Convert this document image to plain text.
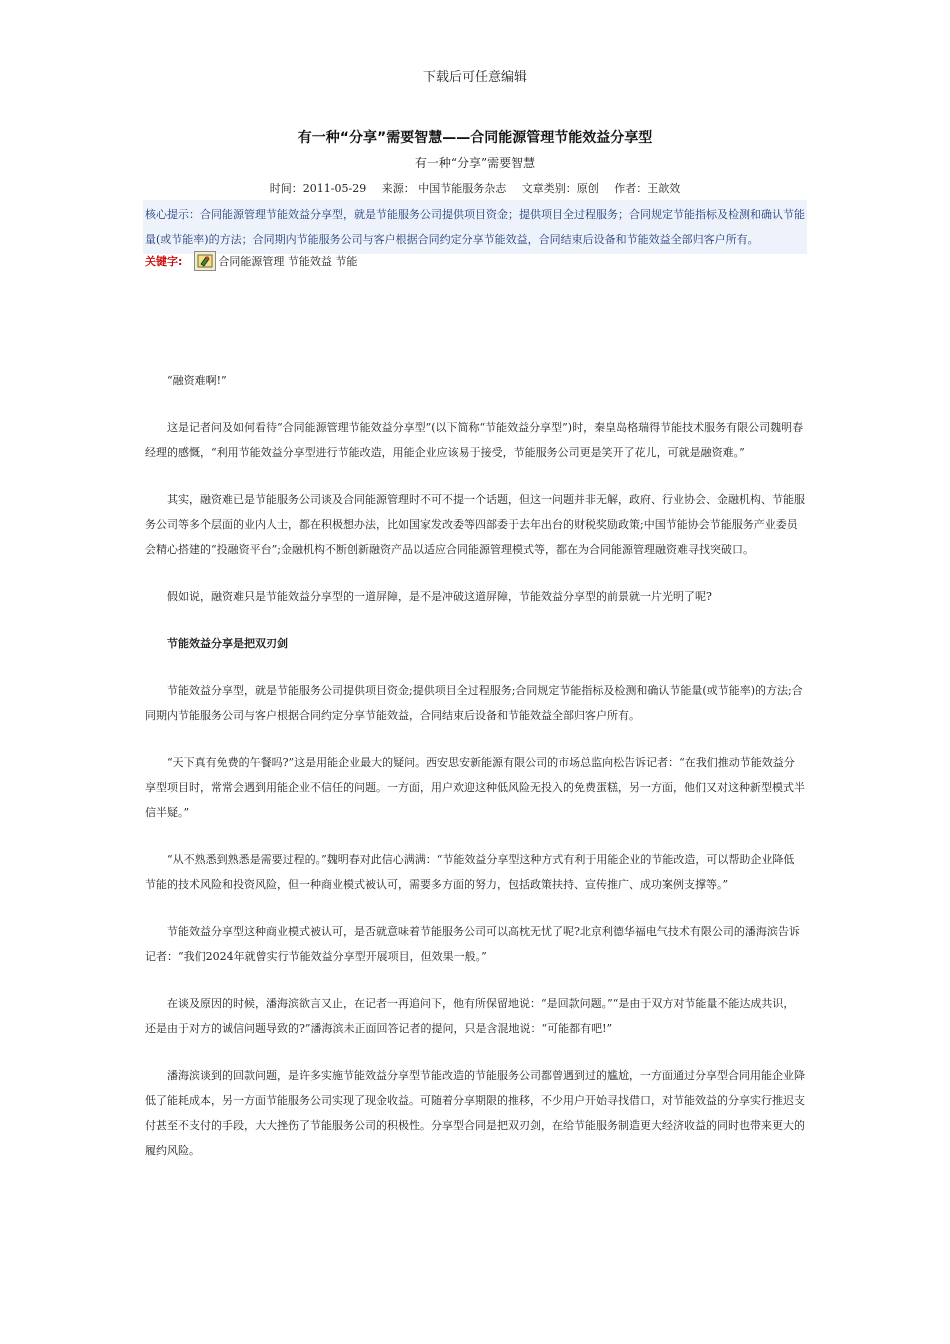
下载后可任意编辑
有一种“分享”需要智慧——合同能源管理节能效益分享型
有一种“分享”需要智慧
时间：2011-05-29 来源： 中国节能服务杂志 文章类别：原创 作者：王歆效
核心提示：合同能源管理节能效益分享型，就是节能服务公司提供项目资金；提供项目全过程服务；合同规定节能指标及检测和确认节能量(或节能率)的方法；合同期内节能服务公司与客户根据合同约定分享节能效益，合同结束后设备和节能效益全部归客户所有。
关键字:	合同能源管理 节能效益 节能

“融资难啊!”

这是记者问及如何看待“合同能源管理节能效益分享型”(以下简称“节能效益分享型”)时，秦皇岛格瑞得节能技术服务有限公司魏明春经理的感慨，“利用节能效益分享型进行节能改造，用能企业应该易于接受，节能服务公司更是笑开了花儿，可就是融资难。”

其实，融资难已是节能服务公司谈及合同能源管理时不可不提一个话题，但这一问题并非无解，政府、行业协会、金融机构、节能服务公司等多个层面的业内人士，都在积极想办法，比如国家发改委等四部委于去年出台的财税奖励政策;中国节能协会节能服务产业委员会精心搭建的“投融资平台”;金融机构不断创新融资产品以适应合同能源管理模式等，都在为合同能源管理融资难寻找突破口。

假如说，融资难只是节能效益分享型的一道屏障，是不是冲破这道屏障，节能效益分享型的前景就一片光明了呢?

节能效益分享是把双刃剑

节能效益分享型，就是节能服务公司提供项目资金;提供项目全过程服务;合同规定节能指标及检测和确认节能量(或节能率)的方法;合同期内节能服务公司与客户根据合同约定分享节能效益，合同结束后设备和节能效益全部归客户所有。

“天下真有免费的午餐吗?”这是用能企业最大的疑问。西安思安新能源有限公司的市场总监向松告诉记者：“在我们推动节能效益分享型项目时，常常会遇到用能企业不信任的问题。一方面，用户欢迎这种低风险无投入的免费蛋糕，另一方面，他们又对这种新型模式半信半疑。”

“从不熟悉到熟悉是需要过程的。”魏明春对此信心满满：“节能效益分享型这种方式有利于用能企业的节能改造，可以帮助企业降低节能的技术风险和投资风险，但一种商业模式被认可，需要多方面的努力，包括政策扶持、宣传推广、成功案例支撑等。”

节能效益分享型这种商业模式被认可，是否就意味着节能服务公司可以高枕无忧了呢?北京利德华福电气技术有限公司的潘海滨告诉记者：“我们2024年就曾实行节能效益分享型开展项目，但效果一般。”

在谈及原因的时候，潘海滨欲言又止，在记者一再追问下，他有所保留地说：“是回款问题。”“是由于双方对节能量不能达成共识，还是由于对方的诚信问题导致的?”潘海滨未正面回答记者的提问，只是含混地说：“可能都有吧!”

潘海滨谈到的回款问题，是许多实施节能效益分享型节能改造的节能服务公司都曾遇到过的尴尬，一方面通过分享型合同用能企业降低了能耗成本，另一方面节能服务公司实现了现金收益。可随着分享期限的推移，不少用户开始寻找借口，对节能效益的分享实行推迟支付甚至不支付的手段，大大挫伤了节能服务公司的积极性。分享型合同是把双刃剑，在给节能服务制造更大经济收益的同时也带来更大的履约风险。
